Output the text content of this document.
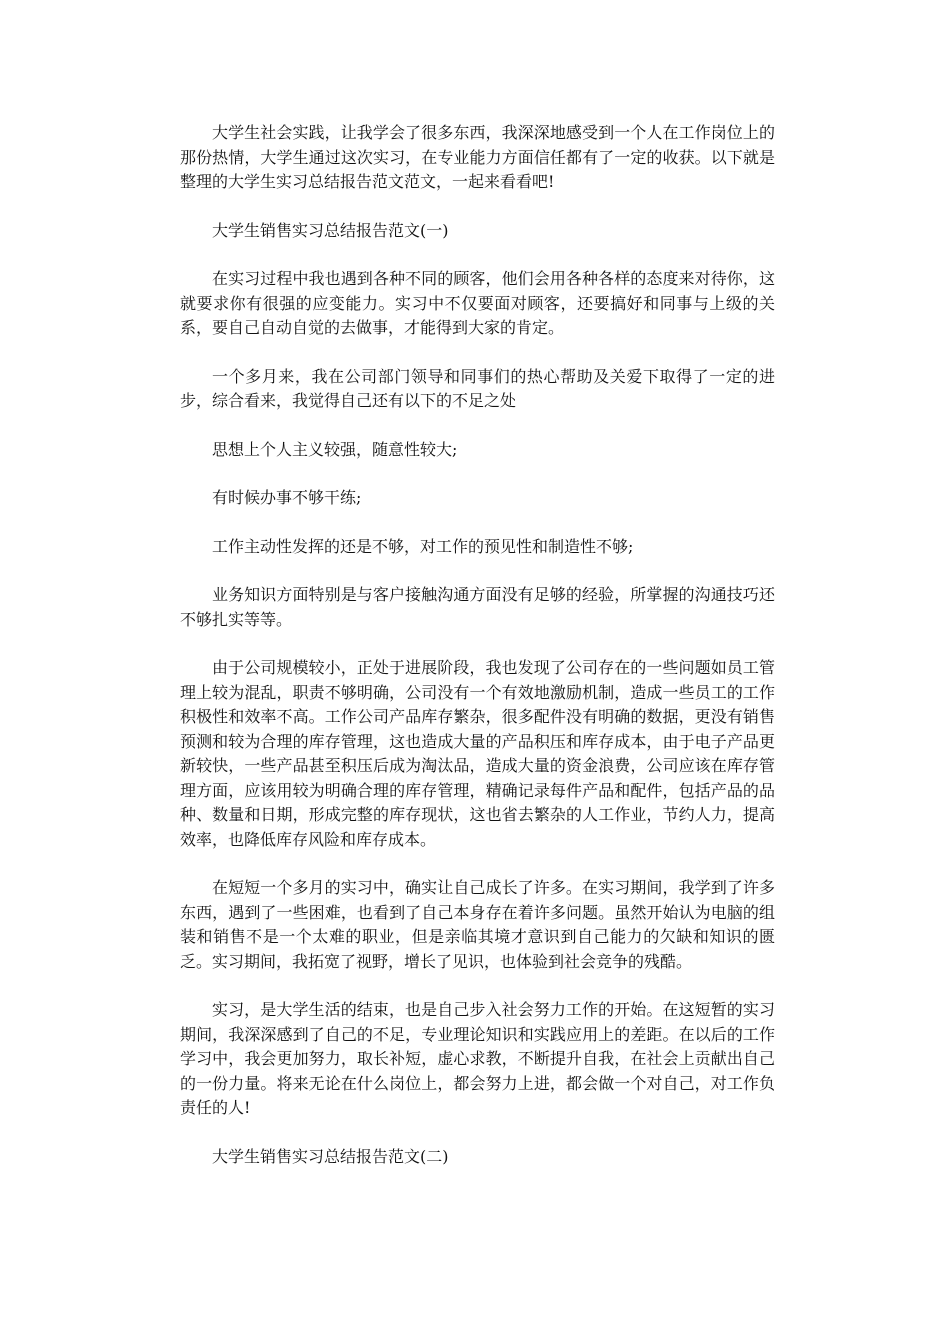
大学生社会实践，让我学会了很多东西，我深深地感受到一个人在工作岗位上的那份热情，大学生通过这次实习，在专业能力方面信任都有了一定的收获。以下就是整理的大学生实习总结报告范文范文，一起来看看吧!

大学生销售实习总结报告范文(一)

在实习过程中我也遇到各种不同的顾客，他们会用各种各样的态度来对待你，这就要求你有很强的应变能力。实习中不仅要面对顾客，还要搞好和同事与上级的关系，要自己自动自觉的去做事，才能得到大家的肯定。

一个多月来，我在公司部门领导和同事们的热心帮助及关爱下取得了一定的进步，综合看来，我觉得自己还有以下的不足之处

思想上个人主义较强，随意性较大;

有时候办事不够干练;

工作主动性发挥的还是不够，对工作的预见性和制造性不够;

业务知识方面特别是与客户接触沟通方面没有足够的经验，所掌握的沟通技巧还不够扎实等等。

由于公司规模较小，正处于进展阶段，我也发现了公司存在的一些问题如员工管理上较为混乱，职责不够明确，公司没有一个有效地激励机制，造成一些员工的工作积极性和效率不高。工作公司产品库存繁杂，很多配件没有明确的数据，更没有销售预测和较为合理的库存管理，这也造成大量的产品积压和库存成本，由于电子产品更新较快，一些产品甚至积压后成为淘汰品，造成大量的资金浪费，公司应该在库存管理方面，应该用较为明确合理的库存管理，精确记录每件产品和配件，包括产品的品种、数量和日期，形成完整的库存现状，这也省去繁杂的人工作业，节约人力，提高效率，也降低库存风险和库存成本。

在短短一个多月的实习中，确实让自己成长了许多。在实习期间，我学到了许多东西，遇到了一些困难，也看到了自己本身存在着许多问题。虽然开始认为电脑的组装和销售不是一个太难的职业，但是亲临其境才意识到自己能力的欠缺和知识的匮乏。实习期间，我拓宽了视野，增长了见识，也体验到社会竞争的残酷。

实习，是大学生活的结束，也是自己步入社会努力工作的开始。在这短暂的实习期间，我深深感到了自己的不足，专业理论知识和实践应用上的差距。在以后的工作学习中，我会更加努力，取长补短，虚心求教，不断提升自我，在社会上贡献出自己的一份力量。将来无论在什么岗位上，都会努力上进，都会做一个对自己，对工作负责任的人!

大学生销售实习总结报告范文(二)
